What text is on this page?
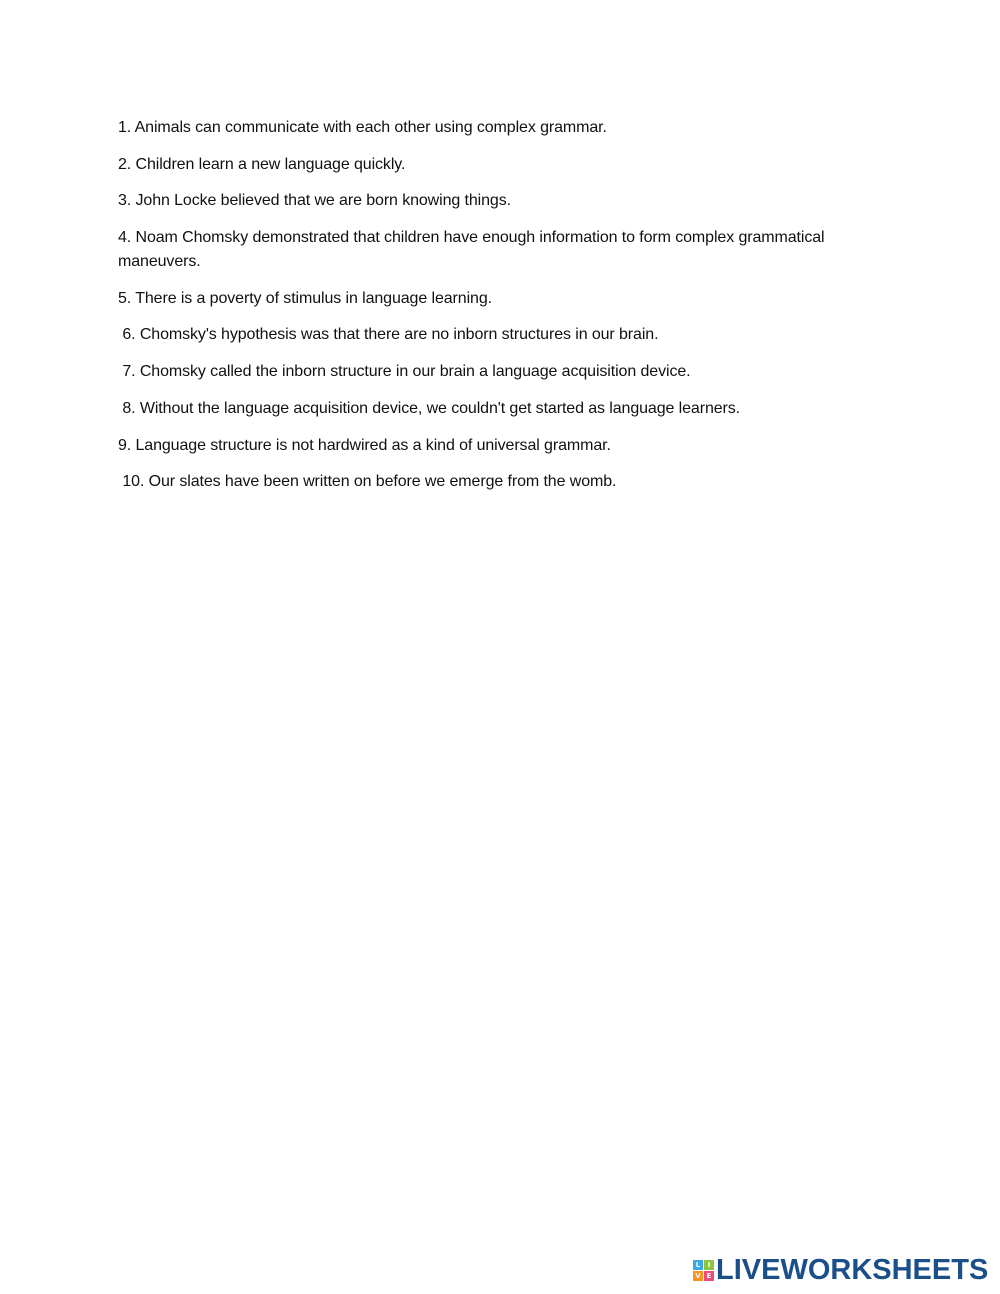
1. Animals can communicate with each other using complex grammar.

2. Children learn a new language quickly.

3. John Locke believed that we are born knowing things.

4. Noam Chomsky demonstrated that children have enough information to form complex grammatical maneuvers.

5. There is a poverty of stimulus in language learning.

6. Chomsky's hypothesis was that there are no inborn structures in our brain.

7. Chomsky called the inborn structure in our brain a language acquisition device.

8. Without the language acquisition device, we couldn't get started as language learners.

9. Language structure is not hardwired as a kind of universal grammar.

10. Our slates have been written on before we emerge from the womb.

L	I
V E LIVEWORKSHEETS
